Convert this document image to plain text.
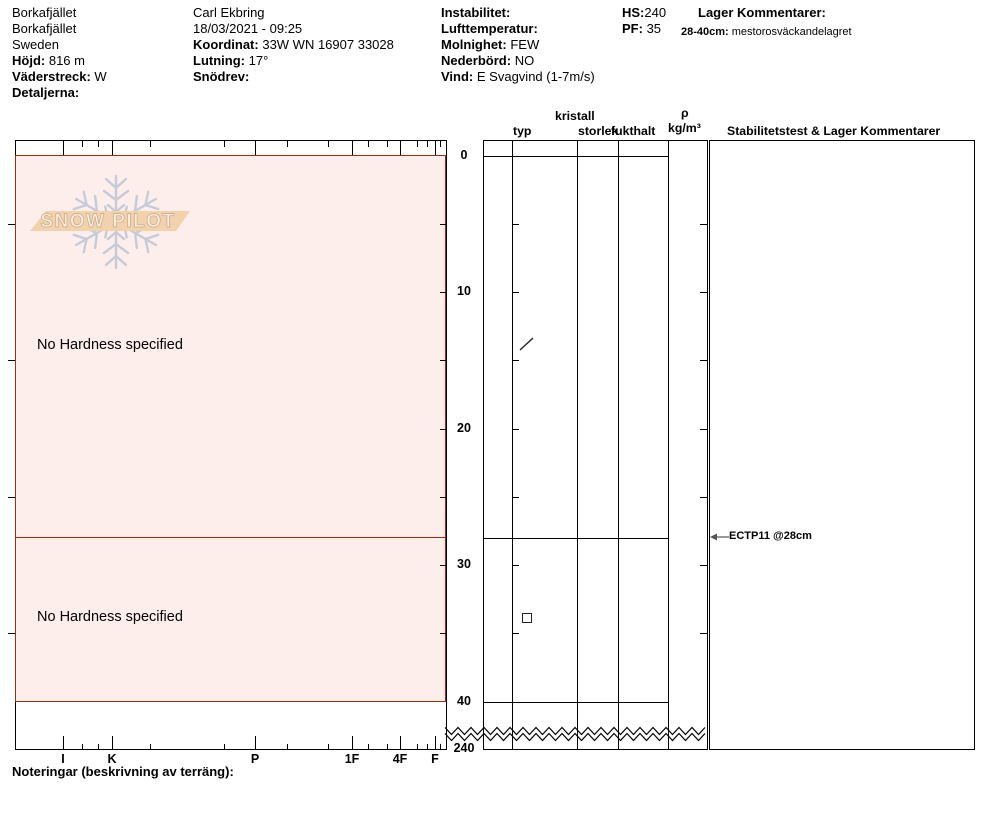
Borkafjället
Borkafjället
Sweden
Höjd: 816 m
Väderstreck: W
Detaljerna:
Carl Ekbring
18/03/2021 - 09:25
Koordinat: 33W WN 16907 33028
Lutning: 17°
Snödrev:
Instabilitet:
Lufttemperatur:
Molnighet: FEW
Nederbörd: NO
Vind: E Svagvind (1-7m/s)
HS:240
PF: 35
Lager Kommentarer:
28-40cm: mestorosväckandelagret
kristall
typ	storlek
fukthalt
ρ
kg/m³ Stabilitetstest & Lager Kommentarer
SNOW PILOT
No Hardness specified
No Hardness specified
ECTP11 @28cm
Noteringar (beskrivning av terräng):
0
10
20
30
40
240
I	K	P	1F	4F	F
